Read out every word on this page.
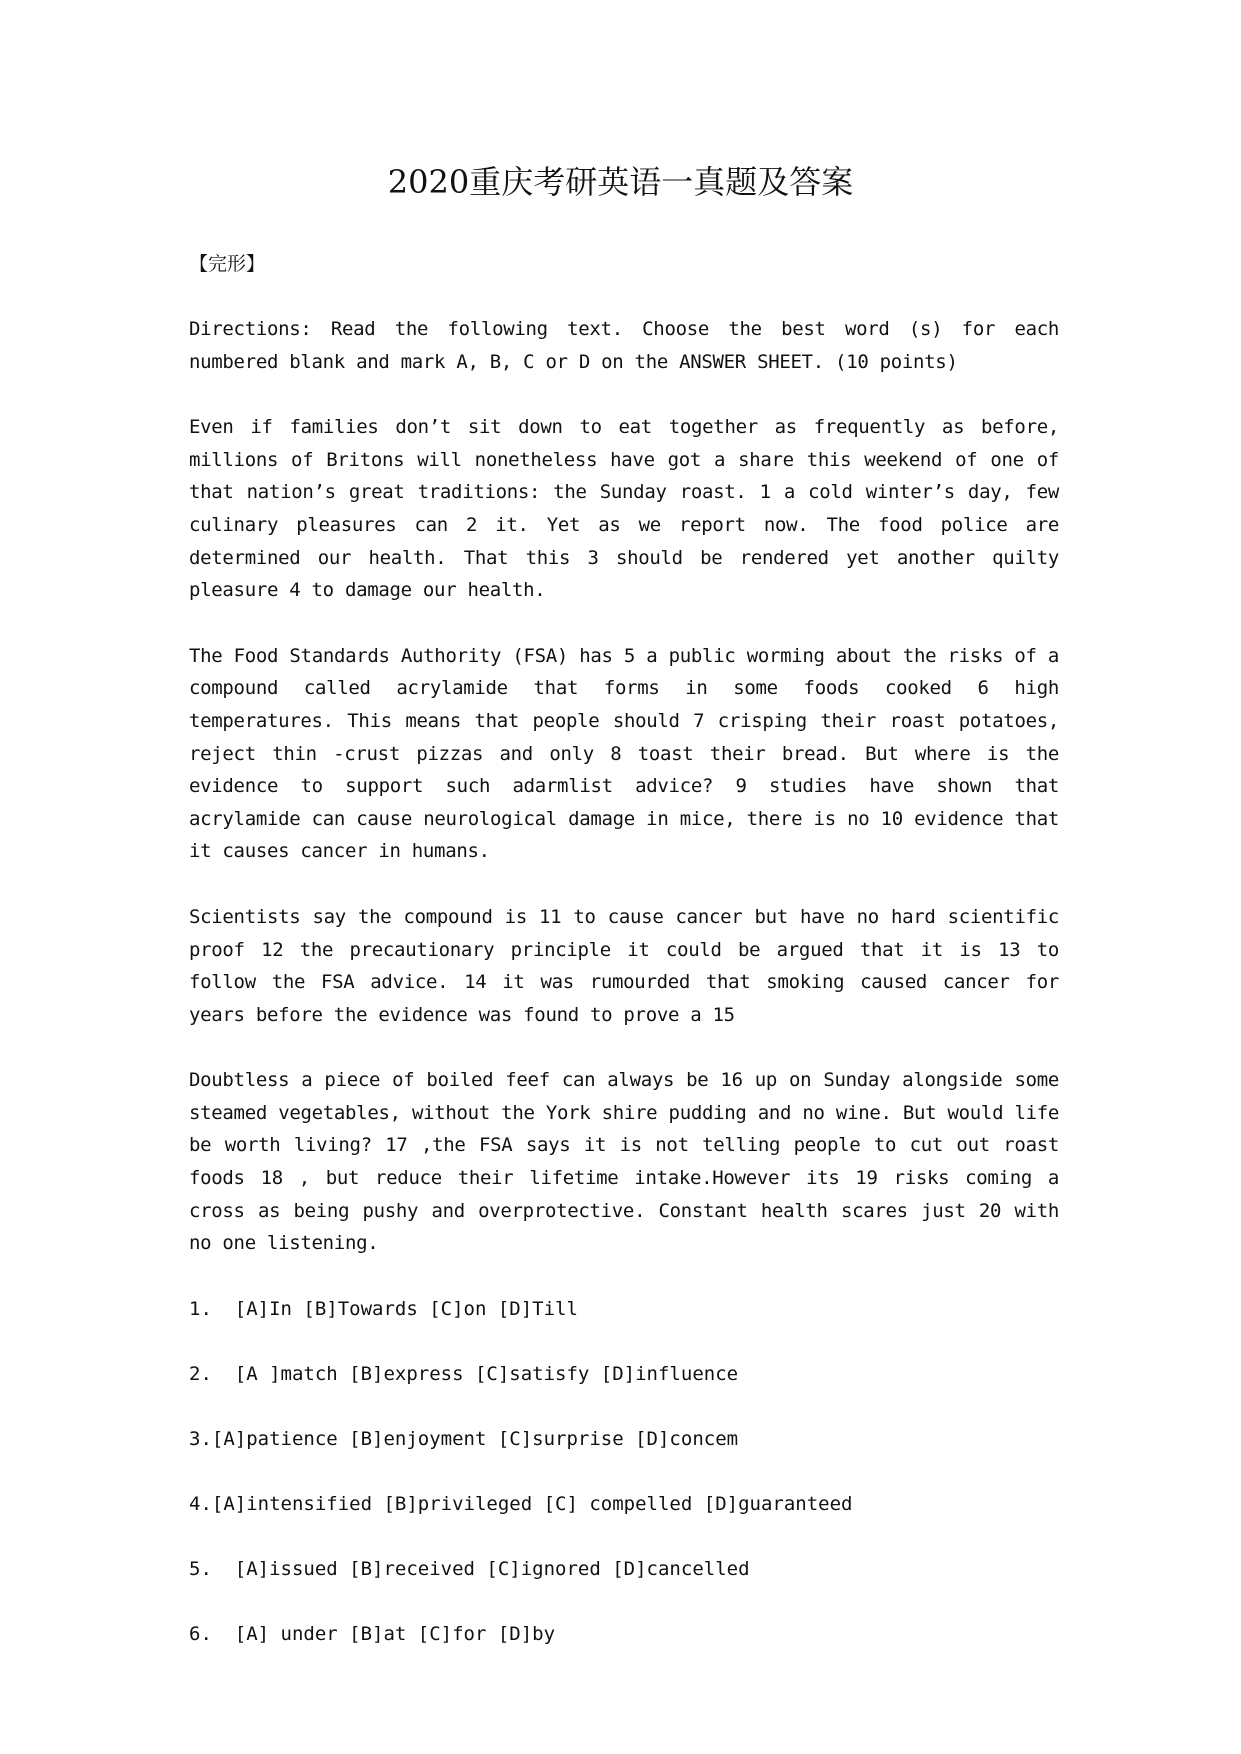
2020重庆考研英语一真题及答案

【完形】

Directions: Read the following text. Choose the best word (s) for each numbered blank and mark A, B, C or D on the ANSWER SHEET. (10 points)

Even if families don’t sit down to eat together as frequently as before, millions of Britons will nonetheless have got a share this weekend of one of that nation’s great traditions: the Sunday roast. 1 a cold winter’s day, few culinary pleasures can 2 it. Yet as we report now. The food police are determined our health. That this 3 should be rendered yet another quilty pleasure 4 to damage our health.

The Food Standards Authority (FSA) has 5 a public worming about the risks of a compound called acrylamide that forms in some foods cooked 6 high temperatures. This means that people should 7 crisping their roast potatoes, reject thin -crust pizzas and only 8 toast their bread. But where is the evidence to support such adarmlist advice? 9 studies have shown that acrylamide can cause neurological damage in mice, there is no 10 evidence that it causes cancer in humans.

Scientists say the compound is 11 to cause cancer but have no hard scientific proof 12 the precautionary principle it could be argued that it is 13 to follow the FSA advice. 14 it was rumourded that smoking caused cancer for years before the evidence was found to prove a 15

Doubtless a piece of boiled feef can always be 16 up on Sunday alongside some steamed vegetables, without the York shire pudding and no wine. But would life be worth living? 17 ,the FSA says it is not telling people to cut out roast foods 18 , but reduce their lifetime intake.However its 19 risks coming a cross as being pushy and overprotective. Constant health scares just 20 with no one listening.

1.  [A]In [B]Towards [C]on [D]Till

2.  [A ]match [B]express [C]satisfy [D]influence

3.[A]patience [B]enjoyment [C]surprise [D]concem

4.[A]intensified [B]privileged [C] compelled [D]guaranteed

5.  [A]issued [B]received [C]ignored [D]cancelled

6.  [A] under [B]at [C]for [D]by
